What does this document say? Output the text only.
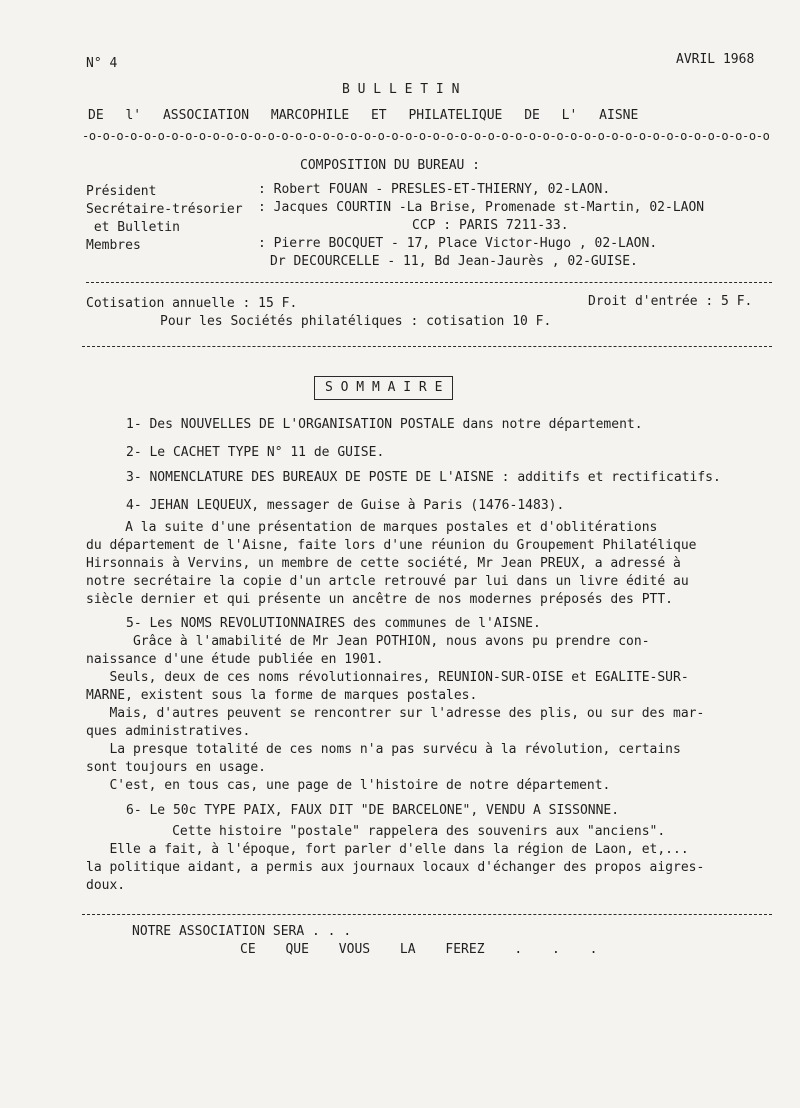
N° 4	AVRIL 1968
B U L L E T I N
DE l' ASSOCIATION MARCOPHILE ET PHILATELIQUE DE L' AISNE
-o-o-o-o-o-o-o-o-o-o-o-o-o-o-o-o-o-o-o-o-o-o-o-o-o-o-o-o-o-o-o-o-o-o-o-o-o-o-o-o-o-o-o-o-o-o-o-o-o-o
COMPOSITION DU BUREAU :
Président	: Robert FOUAN - PRESLES-ET-THIERNY, 02-LAON.
Secrétaire-trésorier : Jacques COURTIN -La Brise, Promenade st-Martin, 02-LAON
et Bulletin	CCP : PARIS 7211-33.
Membres	: Pierre BOCQUET - 17, Place Victor-Hugo , 02-LAON.
Dr DECOURCELLE - 11, Bd Jean-Jaurès , 02-GUISE.
Cotisation annuelle : 15 F.	Droit d'entrée : 5 F.
Pour les Sociétés philatéliques : cotisation 10 F.
S O M M A I R E
1- Des NOUVELLES DE L'ORGANISATION POSTALE dans notre département.
2- Le CACHET TYPE N° 11 de GUISE.
3- NOMENCLATURE DES BUREAUX DE POSTE DE L'AISNE : additifs et rectificatifs.
4- JEHAN LEQUEUX, messager de Guise à Paris (1476-1483).
A la suite d'une présentation de marques postales et d'oblitérations
du département de l'Aisne, faite lors d'une réunion du Groupement Philatélique
Hirsonnais à Vervins, un membre de cette société, Mr Jean PREUX, a adressé à
notre secrétaire la copie d'un artcle retrouvé par lui dans un livre édité au
siècle dernier et qui présente un ancêtre de nos modernes préposés des PTT.
5- Les NOMS REVOLUTIONNAIRES des communes de l'AISNE.
Grâce à l'amabilité de Mr Jean POTHION, nous avons pu prendre con-
naissance d'une étude publiée en 1901.
Seuls, deux de ces noms révolutionnaires, REUNION-SUR-OISE et EGALITE-SUR-
MARNE, existent sous la forme de marques postales.
Mais, d'autres peuvent se rencontrer sur l'adresse des plis, ou sur des mar-
ques administratives.
La presque totalité de ces noms n'a pas survécu à la révolution, certains
sont toujours en usage.
C'est, en tous cas, une page de l'histoire de notre département.
6- Le 50c TYPE PAIX, FAUX DIT "DE BARCELONE", VENDU A SISSONNE.
Cette histoire "postale" rappelera des souvenirs aux "anciens".
Elle a fait, à l'époque, fort parler d'elle dans la région de Laon, et,...
la politique aidant, a permis aux journaux locaux d'échanger des propos aigres-
doux.
NOTRE ASSOCIATION SERA . . .
CE QUE VOUS LA FEREZ . . .
